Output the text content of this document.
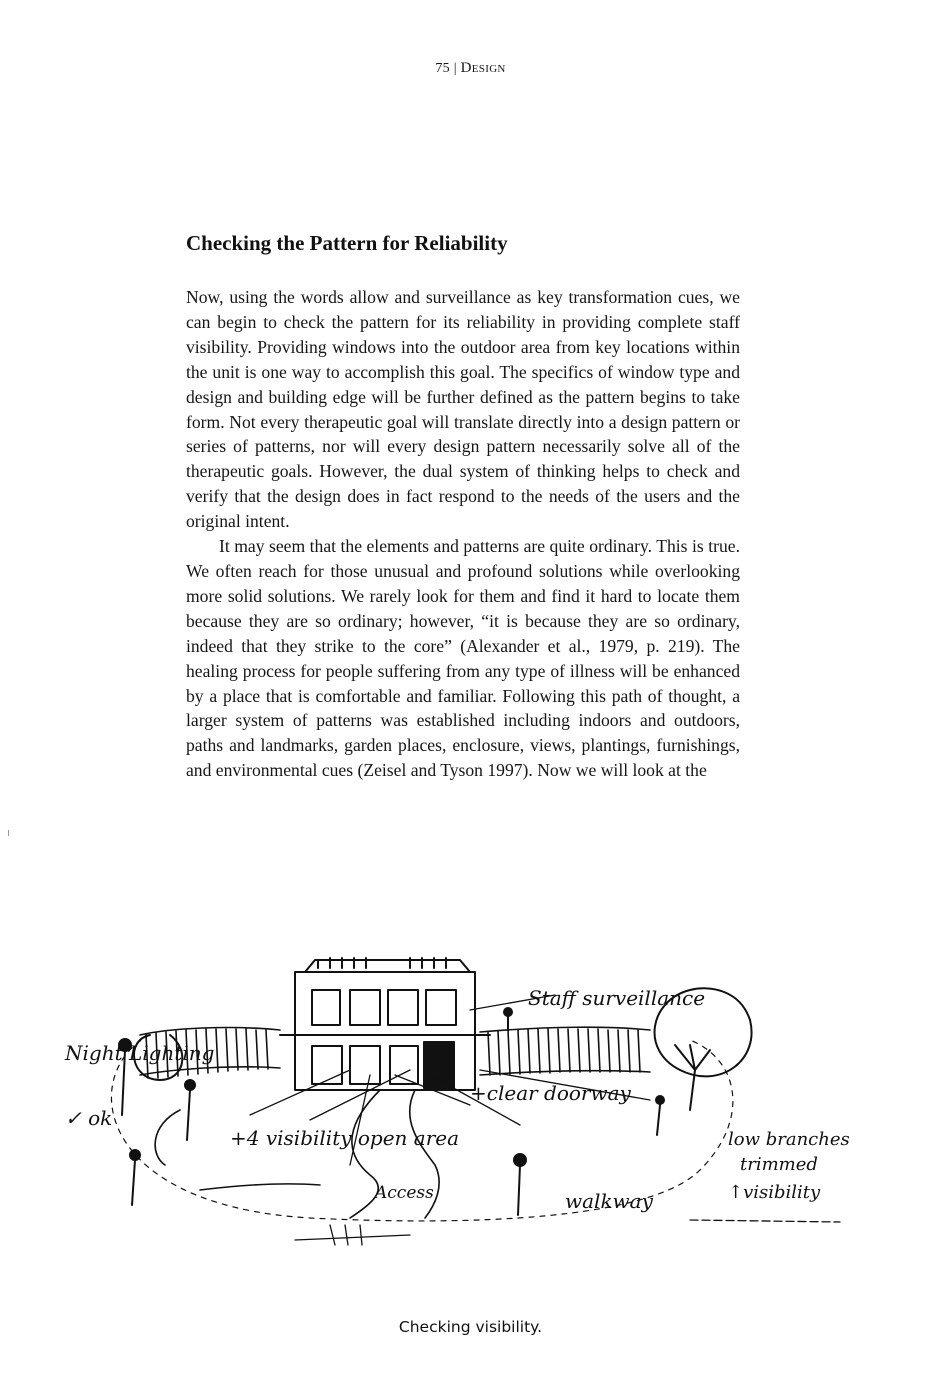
75 | Design
Checking the Pattern for Reliability

Now, using the words allow and surveillance as key transformation cues, we can begin to check the pattern for its reliability in providing complete staff visibility. Providing windows into the outdoor area from key locations within the unit is one way to accomplish this goal. The specifics of window type and design and building edge will be further defined as the pattern begins to take form. Not every therapeutic goal will translate directly into a design pattern or series of patterns, nor will every design pattern necessarily solve all of the therapeutic goals. However, the dual system of thinking helps to check and verify that the design does in fact respond to the needs of the users and the original intent.

It may seem that the elements and patterns are quite ordinary. This is true. We often reach for those unusual and profound solutions while overlooking more solid solutions. We rarely look for them and find it hard to locate them because they are so ordinary; however, “it is because they are so ordinary, indeed that they strike to the core” (Alexander et al., 1979, p. 219). The healing process for people suffering from any type of illness will be enhanced by a place that is comfortable and familiar. Following this path of thought, a larger system of patterns was established including indoors and outdoors, paths and landmarks, garden places, enclosure, views, plantings, furnishings, and environmental cues (Zeisel and Tyson 1997). Now we will look at the

Night Lighting
✓ ok
+4 visibility open area
Staff surveillance
+clear doorway
Access	walkway
low branches
trimmed
↑visibility
Checking visibility.
